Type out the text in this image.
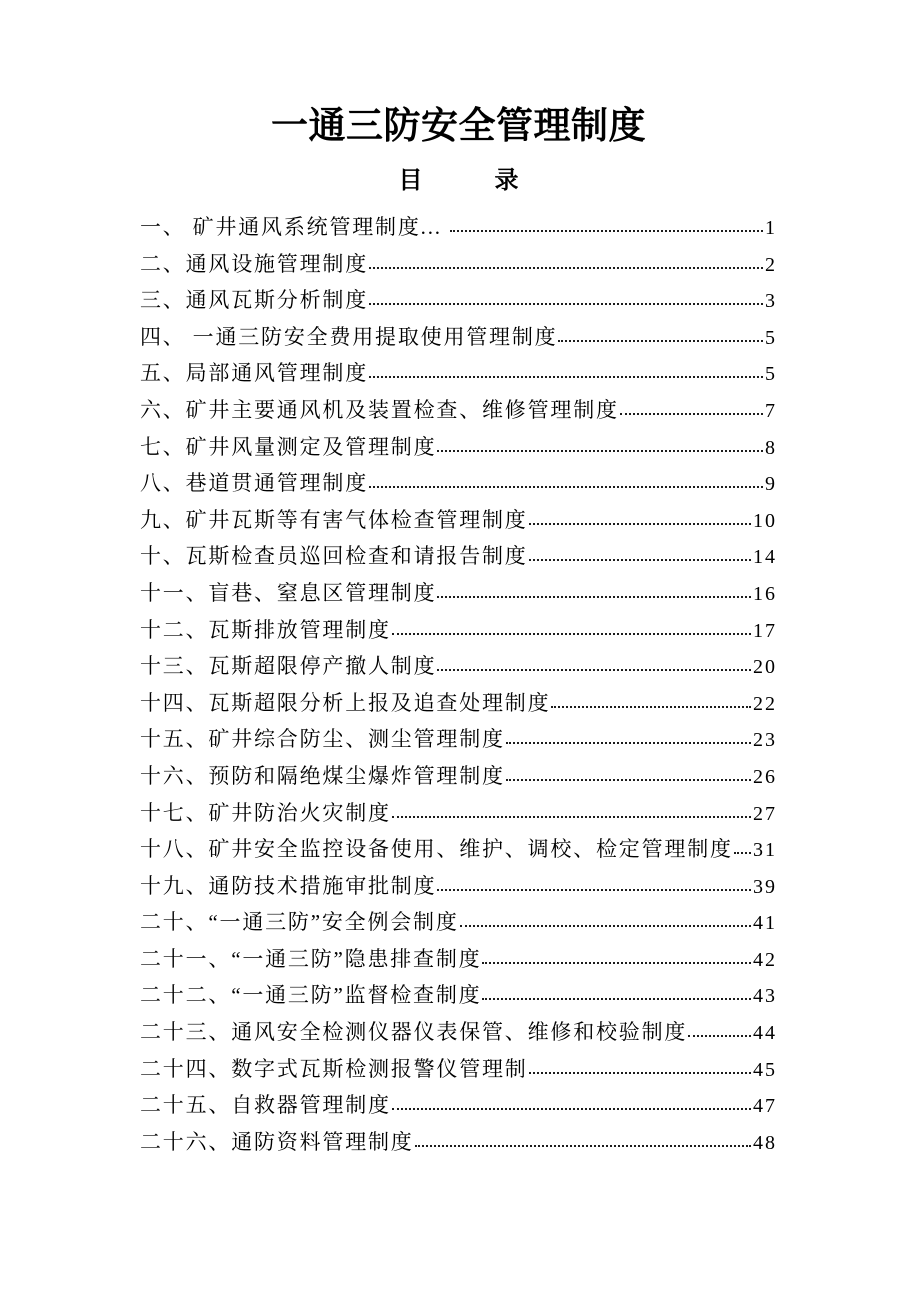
一通三防安全管理制度
目　　　录
一、 矿井通风系统管理制度...	1
二、通风设施管理制度	2
三、通风瓦斯分析制度	3
四、 一通三防安全费用提取使用管理制度	5
五、局部通风管理制度	5
六、矿井主要通风机及装置检查、维修管理制度	7
七、矿井风量测定及管理制度	8
八、巷道贯通管理制度	9
九、矿井瓦斯等有害气体检查管理制度	10
十、瓦斯检查员巡回检查和请报告制度	14
十一、盲巷、窒息区管理制度	16
十二、瓦斯排放管理制度	17
十三、瓦斯超限停产撤人制度	20
十四、瓦斯超限分析上报及追查处理制度	22
十五、矿井综合防尘、测尘管理制度	23
十六、预防和隔绝煤尘爆炸管理制度	26
十七、矿井防治火灾制度	27
十八、矿井安全监控设备使用、维护、调校、检定管理制度 31
十九、通防技术措施审批制度	39
二十、“一通三防”安全例会制度	41
二十一、“一通三防”隐患排查制度	42
二十二、“一通三防”监督检查制度	43
二十三、通风安全检测仪器仪表保管、维修和校验制度	44
二十四、数字式瓦斯检测报警仪管理制	45
二十五、自救器管理制度	47
二十六、通防资料管理制度	48
